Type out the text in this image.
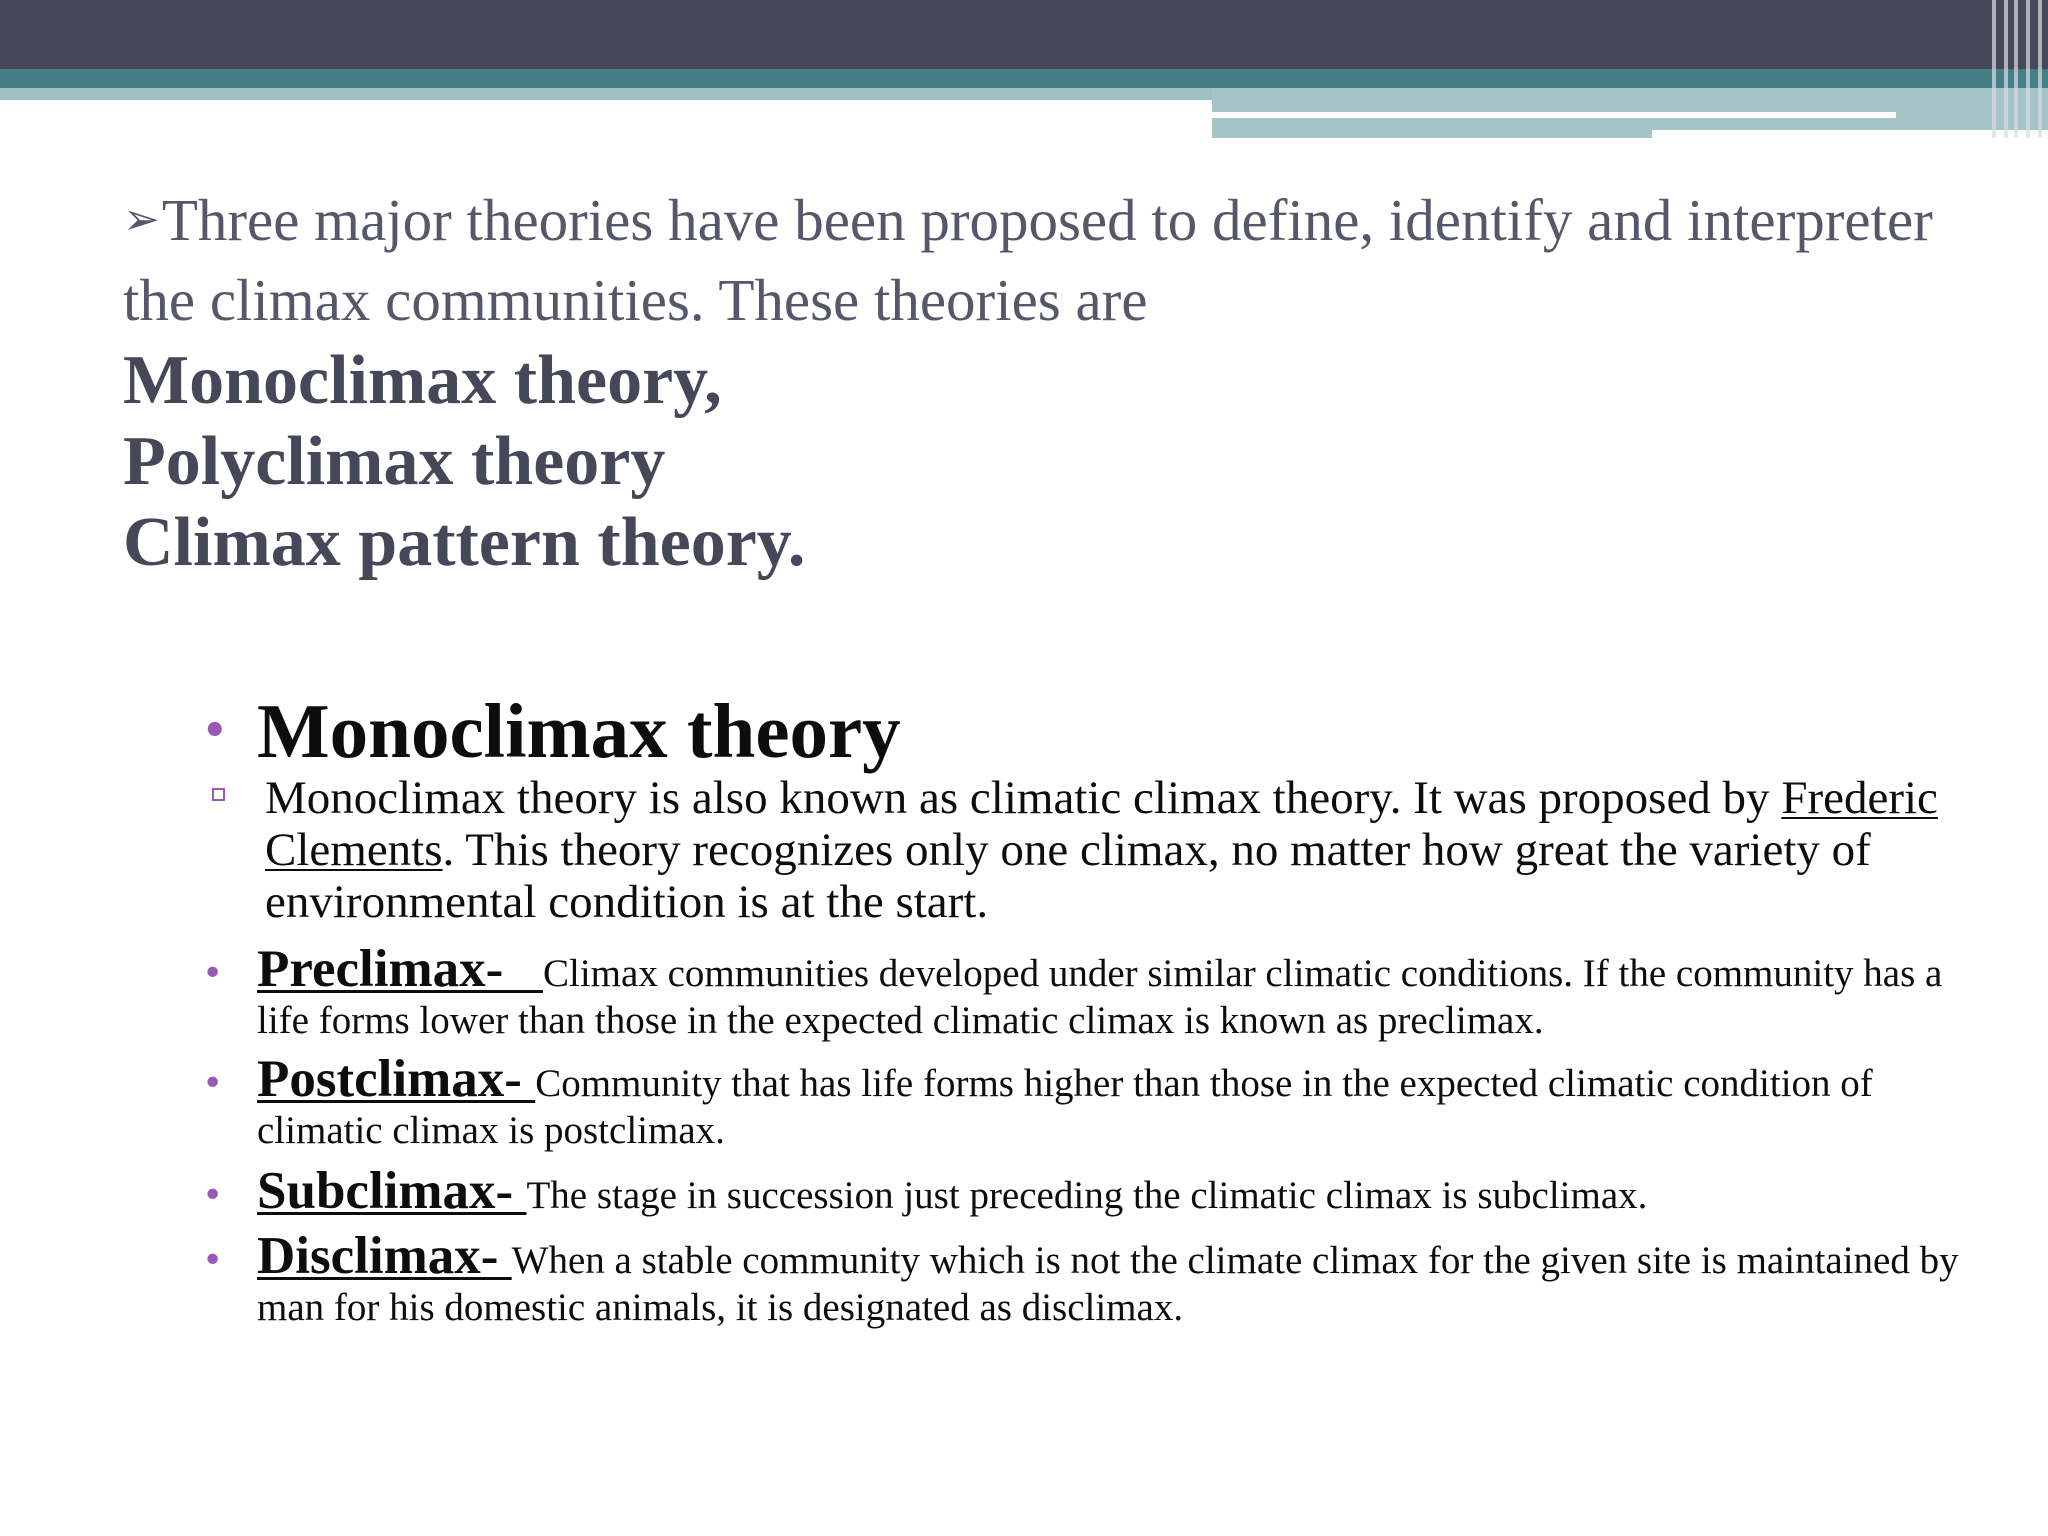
➢Three major theories have been proposed to define, identify and interpreter the climax communities. These theories are

Monoclimax theory,
Polyclimax theory
Climax pattern theory.
• Monoclimax theory
Monoclimax theory is also known as climatic climax theory. It was proposed by Frederic Clements. This theory recognizes only one climax, no matter how great the variety of environmental condition is at the start.
• Preclimax-   Climax communities developed under similar climatic conditions. If the community has a life forms lower than those in the expected climatic climax is known as preclimax.
• Postclimax- Community that has life forms higher than those in the expected climatic condition of climatic climax is postclimax.
• Subclimax- The stage in succession just preceding the climatic climax is subclimax.
• Disclimax- When a stable community which is not the climate climax for the given site is maintained by man for his domestic animals, it is designated as disclimax.
